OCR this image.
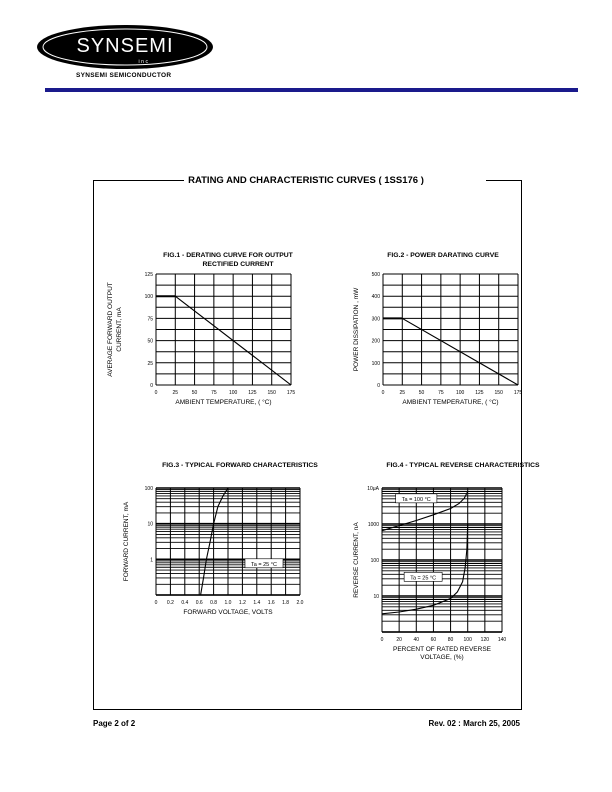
SYNSEMI
inc
SYNSEMI SEMICONDUCTOR
RATING AND CHARACTERISTIC CURVES ( 1SS176 )
FIG.1 - DERATING CURVE FOR OUTPUT
RECTIFIED CURRENT
0	25	50	75 100 125 150 175
0
25
50
75
100
125
AMBIENT TEMPERATURE, ( °C)
AVERAGE FORWARD OUTPUT CURRENT, mA
FIG.2 - POWER DARATING CURVE
0	25	50	75 100 125 150 175
0
100
200
300
400
500
AMBIENT TEMPERATURE, ( °C)
POWER DISSIPATION , mW
FIG.3 - TYPICAL FORWARD CHARACTERISTICS
0 0.2 0.4 0.6 0.8 1.0 1.2 1.4 1.6 1.8 2.0
1
10
100
FORWARD VOLTAGE, VOLTS
FORWARD CURRENT, mA	Ta = 25 °C
FIG.4 - TYPICAL REVERSE CHARACTERISTICS
0	20 40 60 80 100 120 140
10
100
1000
10μA
PERCENT OF RATED REVERSE
VOLTAGE, (%)
REVERSE CURRENT, nA
Ta = 100 °C
Ta = 25 °C
Page 2 of 2	Rev. 02 : March 25, 2005
